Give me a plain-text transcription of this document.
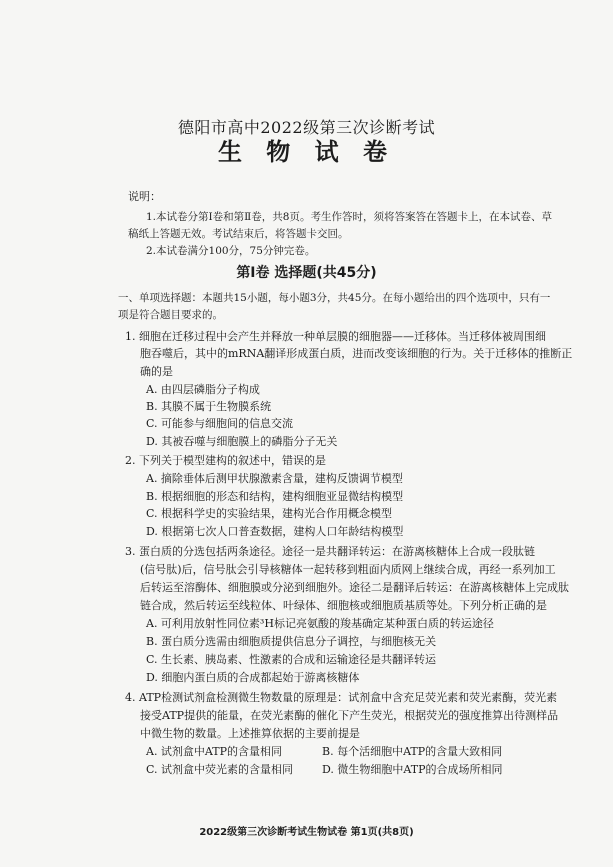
德阳市高中2022级第三次诊断考试
生 物 试 卷
说明：
1.本试卷分第Ⅰ卷和第Ⅱ卷，共8页。考生作答时，须将答案答在答题卡上，在本试卷、草
稿纸上答题无效。考试结束后，将答题卡交回。
2.本试卷满分100分，75分钟完卷。
第Ⅰ卷 选择题(共45分)
一、单项选择题：本题共15小题，每小题3分，共45分。在每小题给出的四个选项中，只有一
项是符合题目要求的。
1. 细胞在迁移过程中会产生并释放一种单层膜的细胞器——迁移体。当迁移体被周围细
胞吞噬后，其中的mRNA翻译形成蛋白质，进而改变该细胞的行为。关于迁移体的推断正
确的是
A. 由四层磷脂分子构成
B. 其膜不属于生物膜系统
C. 可能参与细胞间的信息交流
D. 其被吞噬与细胞膜上的磷脂分子无关
2. 下列关于模型建构的叙述中，错误的是
A. 摘除垂体后测甲状腺激素含量，建构反馈调节模型
B. 根据细胞的形态和结构，建构细胞亚显微结构模型
C. 根据科学史的实验结果，建构光合作用概念模型
D. 根据第七次人口普查数据，建构人口年龄结构模型
3. 蛋白质的分选包括两条途径。途径一是共翻译转运：在游离核糖体上合成一段肽链
(信号肽)后，信号肽会引导核糖体一起转移到粗面内质网上继续合成，再经一系列加工
后转运至溶酶体、细胞膜或分泌到细胞外。途径二是翻译后转运：在游离核糖体上完成肽
链合成，然后转运至线粒体、叶绿体、细胞核或细胞质基质等处。下列分析正确的是
A. 可利用放射性同位素³H标记亮氨酸的羧基确定某种蛋白质的转运途径
B. 蛋白质分选需由细胞质提供信息分子调控，与细胞核无关
C. 生长素、胰岛素、性激素的合成和运输途径是共翻译转运
D. 细胞内蛋白质的合成都起始于游离核糖体
4. ATP检测试剂盒检测微生物数量的原理是：试剂盒中含充足荧光素和荧光素酶，荧光素
接受ATP提供的能量，在荧光素酶的催化下产生荧光，根据荧光的强度推算出待测样品
中微生物的数量。上述推算依据的主要前提是
A. 试剂盒中ATP的含量相同	B. 每个活细胞中ATP的含量大致相同
C. 试剂盒中荧光素的含量相同	D. 微生物细胞中ATP的合成场所相同
2022级第三次诊断考试生物试卷 第1页(共8页)
